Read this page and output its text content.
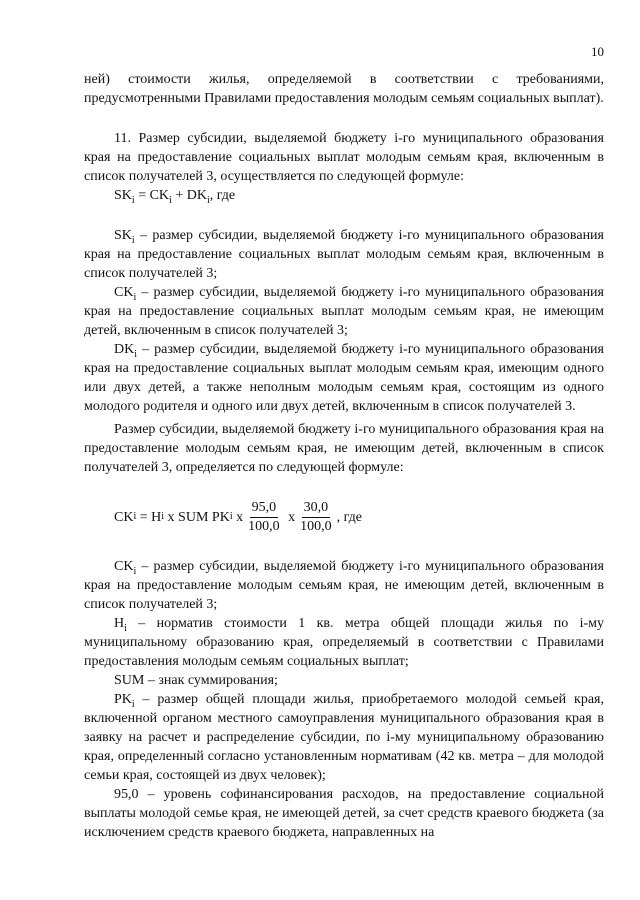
10

ней) стоимости жилья, определяемой в соответствии с требованиями, предусмотренными Правилами предоставления молодым семьям социальных выплат).

11. Размер субсидии, выделяемой бюджету i-го муниципального образования края на предоставление социальных выплат молодым семьям края, включенным в список получателей 3, осуществляется по следующей формуле:

$SK_i = CK_i + DK_i$, где

$SK_i$ – размер субсидии, выделяемой бюджету i-го муниципального образования края на предоставление социальных выплат молодым семьям края, включенным в список получателей 3;

$CK_i$ – размер субсидии, выделяемой бюджету i-го муниципального образования края на предоставление социальных выплат молодым семьям края, не имеющим детей, включенным в список получателей 3;

$DK_i$ – размер субсидии, выделяемой бюджету i-го муниципального образования края на предоставление социальных выплат молодым семьям края, имеющим одного или двух детей, а также неполным молодым семьям края, состоящим из одного молодого родителя и одного или двух детей, включенным в список получателей 3.

Размер субсидии, выделяемой бюджету i-го муниципального образования края на предоставление молодым семьям края, не имеющим детей, включенным в список получателей 3, определяется по следующей формуле:

CK i = H i x SUM PK i x $\frac{95,0}{100,0}$ x $\frac{30,0}{100,0}$ , где

$CK_i$ – размер субсидии, выделяемой бюджету i-го муниципального образования края на предоставление молодым семьям края, не имеющим детей, включенным в список получателей 3;

$H_i$ – норматив стоимости 1 кв. метра общей площади жилья по i-му муниципальному образованию края, определяемый в соответствии с Правилами предоставления молодым семьям социальных выплат;

SUM – знак суммирования;

$PK_i$ – размер общей площади жилья, приобретаемого молодой семьей края, включенной органом местного самоуправления муниципального образования края в заявку на расчет и распределение субсидии, по i-му муниципальному образованию края, определенный согласно установленным нормативам (42 кв. метра – для молодой семьи края, состоящей из двух человек);

95,0 – уровень софинансирования расходов, на предоставление социальной выплаты молодой семье края, не имеющей детей, за счет средств краевого бюджета (за исключением средств краевого бюджета, направленных на
